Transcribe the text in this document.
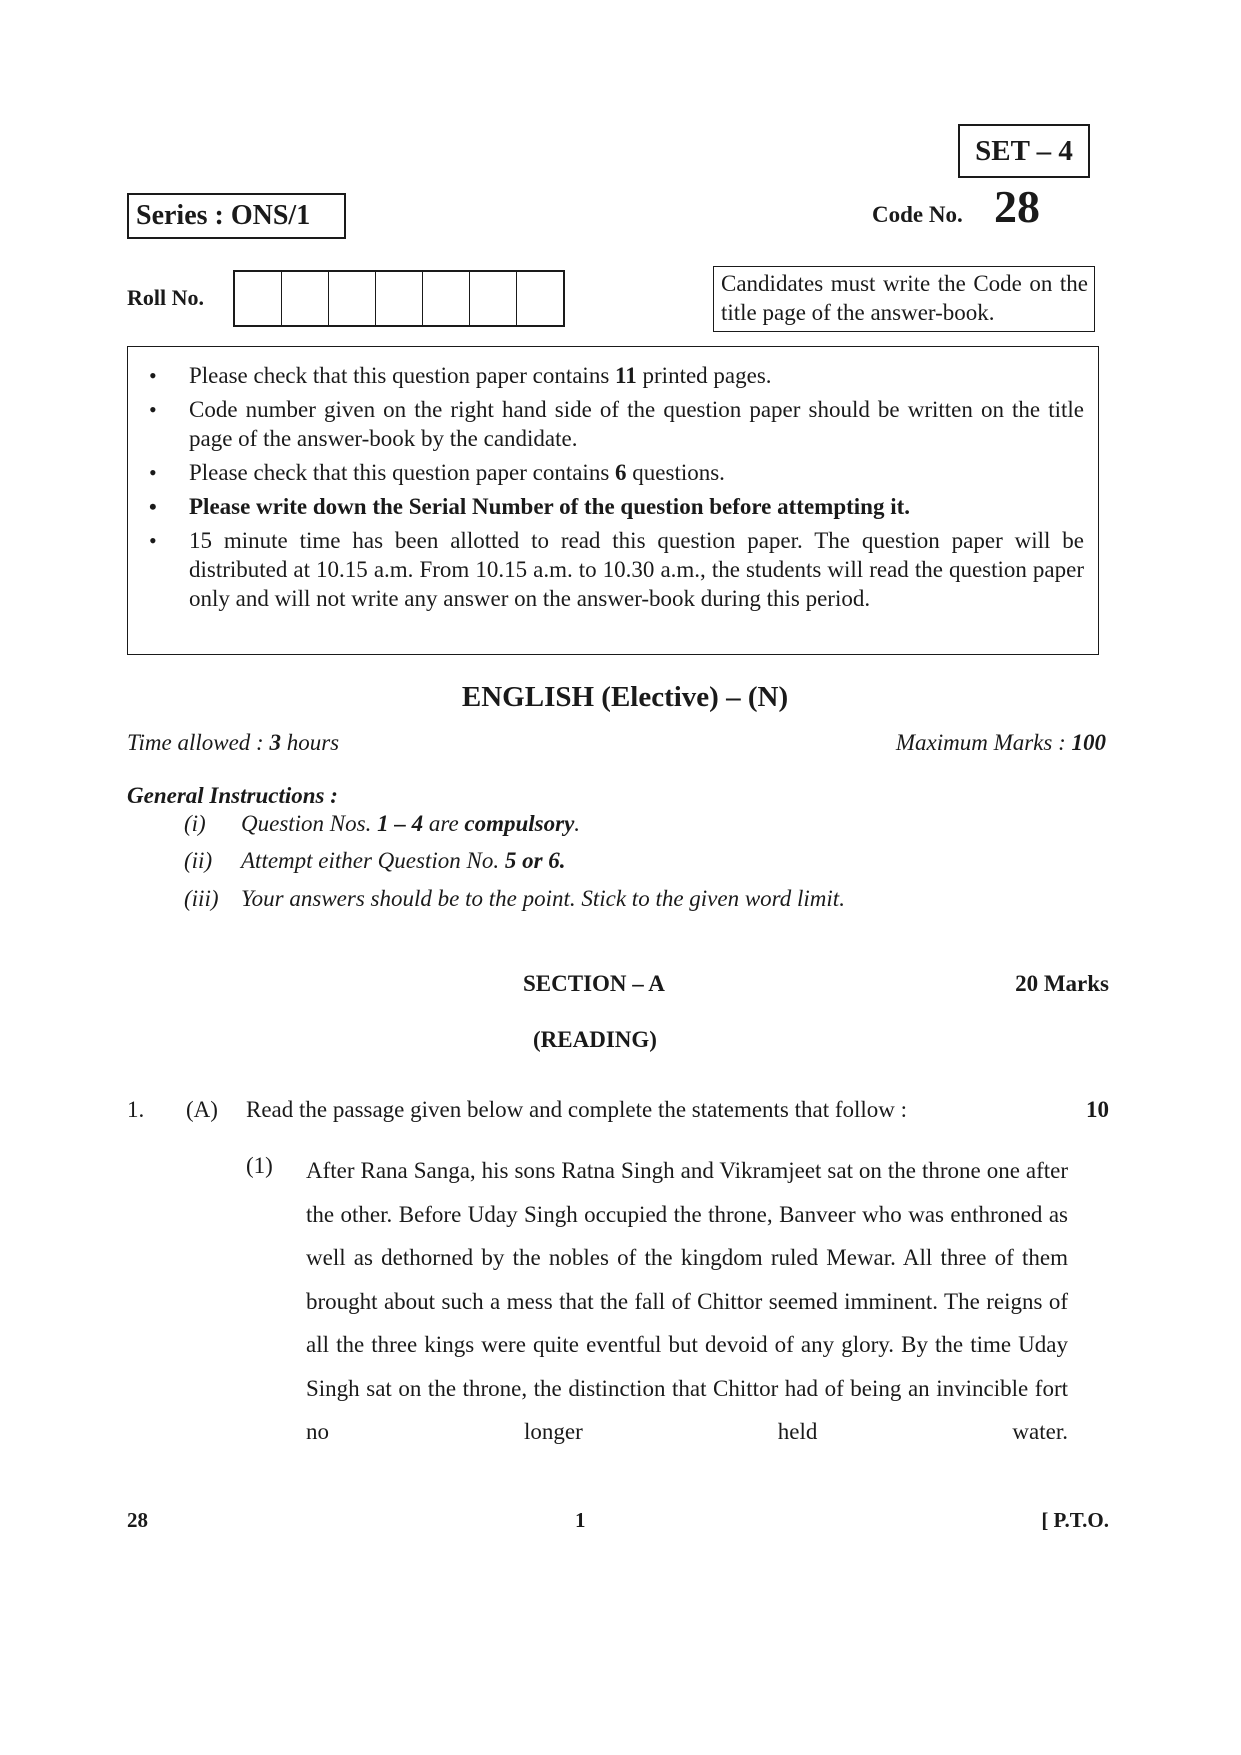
SET – 4
Series : ONS/1	Code No. 28
Roll No.
Candidates must write the Code on the title page of the answer-book.
• Please check that this question paper contains 11 printed pages.
• Code number given on the right hand side of the question paper should be written on the title page of the answer-book by the candidate.
• Please check that this question paper contains 6 questions.
• Please write down the Serial Number of the question before attempting it.
• 15 minute time has been allotted to read this question paper. The question paper will be distributed at 10.15 a.m. From 10.15 a.m. to 10.30 a.m., the students will read the question paper only and will not write any answer on the answer-book during this period.
ENGLISH (Elective) – (N)
Time allowed : 3 hours	Maximum Marks : 100
General Instructions :
(i) Question Nos. 1 – 4 are compulsory.
(ii) Attempt either Question No. 5 or 6.
(iii) Your answers should be to the point. Stick to the given word limit.
SECTION – A	20 Marks
(READING)
1. (A) Read the passage given below and complete the statements that follow :	10
(1) After Rana Sanga, his sons Ratna Singh and Vikramjeet sat on the throne one after the other. Before Uday Singh occupied the throne, Banveer who was enthroned as well as dethorned by the nobles of the kingdom ruled Mewar. All three of them brought about such a mess that the fall of Chittor seemed imminent. The reigns of all the three kings were quite eventful but devoid of any glory. By the time Uday Singh sat on the throne, the distinction that Chittor had of being an invincible fort no longer held water.
28	1	[ P.T.O.
